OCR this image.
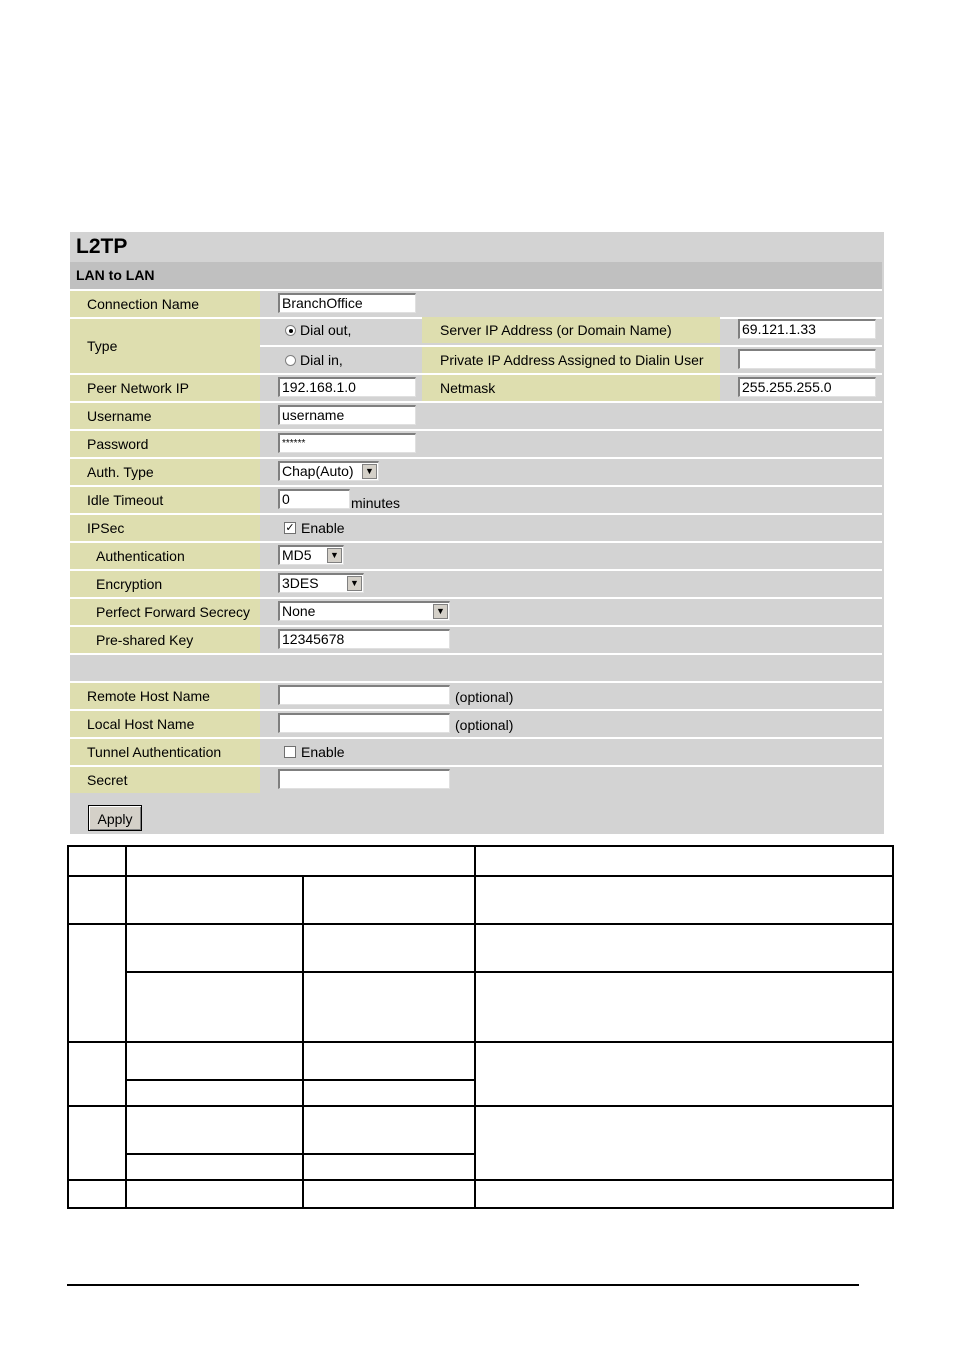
L2TP
LAN to LAN
Connection Name	BranchOffice
Type
Dial out,	Server IP Address (or Domain Name)	69.121.1.33
Dial in,	Private IP Address Assigned to Dialin User
Peer Network IP	192.168.1.0	Netmask	255.255.255.0
Username	username
Password	******
Auth. Type	Chap(Auto)	▼
Idle Timeout	0	minutes
IPSec	✓ Enable
Authentication	MD5	▼
Encryption	3DES	▼
Perfect Forward Secrecy	None	▼
Pre-shared Key	12345678
Remote Host Name	(optional)
Local Host Name	(optional)
Tunnel Authentication	Enable
Secret
Apply
